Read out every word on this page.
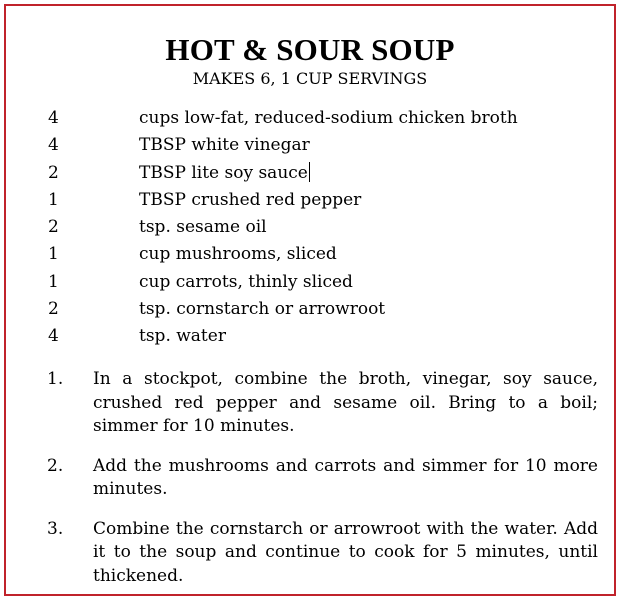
HOT & SOUR SOUP
MAKES 6, 1 CUP SERVINGS
4	cups low-fat, reduced-sodium chicken broth
4	TBSP white vinegar
2	TBSP lite soy sauce
1	TBSP crushed red pepper
2	tsp. sesame oil
1	cup mushrooms, sliced
1	cup carrots, thinly sliced
2	tsp. cornstarch or arrowroot
4	tsp. water
1. In a stockpot, combine the broth, vinegar, soy sauce, crushed red pepper and sesame oil. Bring to a boil; simmer for 10 minutes.
2. Add the mushrooms and carrots and simmer for 10 more minutes.
3. Combine the cornstarch or arrowroot with the water. Add it to the soup and continue to cook for 5 minutes, until thickened.
